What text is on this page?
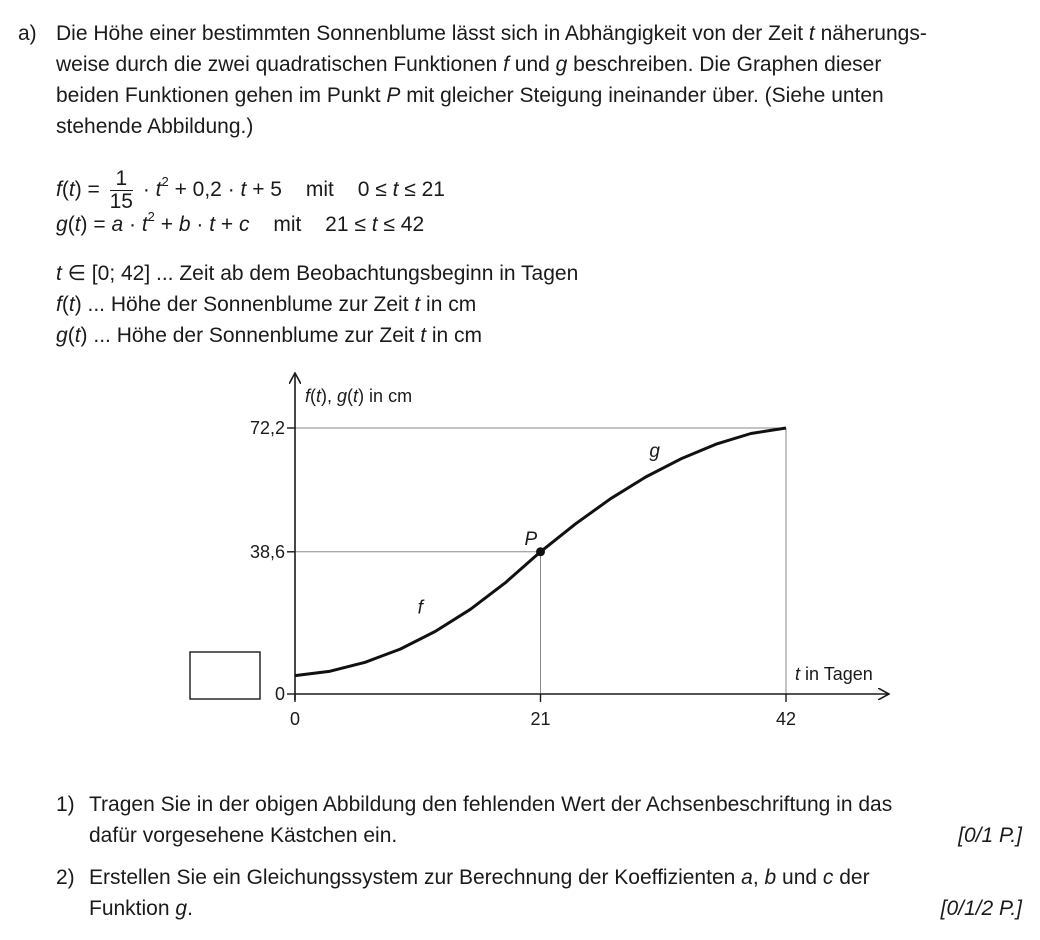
a) Die Höhe einer bestimmten Sonnenblume lässt sich in Abhängigkeit von der Zeit t näherungs-
weise durch die zwei quadratischen Funktionen f und g beschreiben. Die Graphen dieser
beiden Funktionen gehen im Punkt P mit gleicher Steigung ineinander über. (Siehe unten
stehende Abbildung.)
$f(t) = \frac{1}{15} \cdot t^2 + 0,2 \cdot t + 5$ mit 0 ≤ t ≤ 21
$g(t) = a \cdot t^2 + b \cdot t + c$ mit 21 ≤ t ≤ 42
t ∈ [0; 42] ... Zeit ab dem Beobachtungsbeginn in Tagen
f(t) ... Höhe der Sonnenblume zur Zeit t in cm
g(t) ... Höhe der Sonnenblume zur Zeit t in cm
0	21	42
0
38,6
72,2
f
g
P
f(t), g(t) in cm
t in Tagen
1) Tragen Sie in der obigen Abbildung den fehlenden Wert der Achsenbeschriftung in das
dafür vorgesehene Kästchen ein.	[0/1 P.]
2) Erstellen Sie ein Gleichungssystem zur Berechnung der Koeffizienten a, b und c der
Funktion g.	[0/1/2 P.]
